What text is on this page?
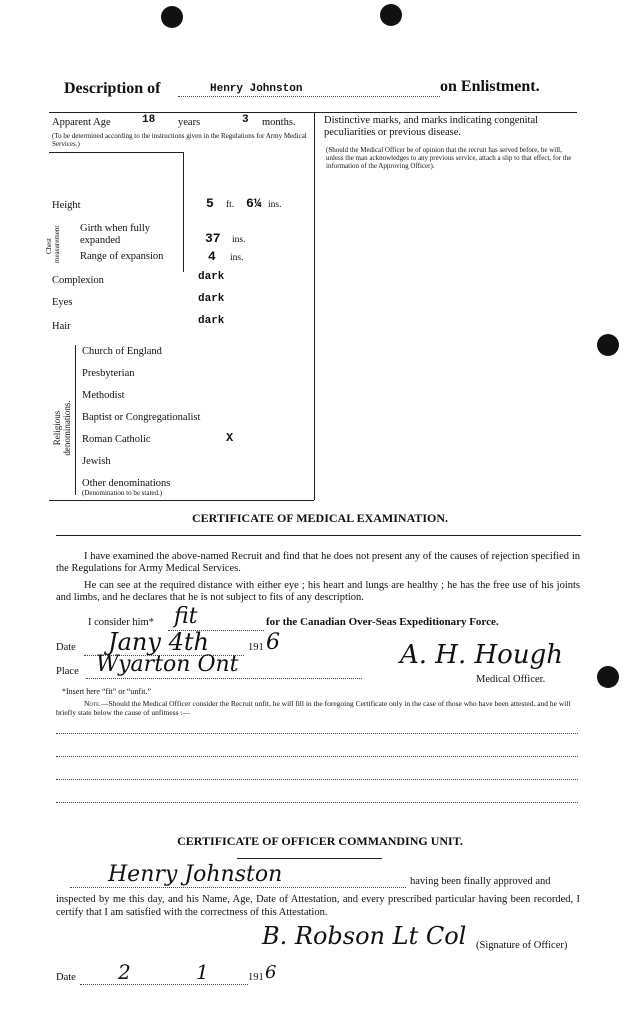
Description of	Henry Johnston	on Enlistment.
Apparent Age	18 years	3 months.
(To be determined according to the instructions given in the Regulations for Army Medical Services.)
Distinctive marks, and marks indicating congenital peculiarities or previous disease.
(Should the Medical Officer be of opinion that the recruit has served before, he will, unless the man acknowledges to any previous service, attach a slip to that effect, for the information of the Approving Officer).
Height	5 ft. 6¼ ins.
Chest measurement Girth when fully expanded	37 ins.
Range of expansion	4 ins.
Complexion	dark
Eyes	dark
Hair	dark
Religious denominations.
Church of England
Presbyterian
Methodist
Baptist or Congregationalist
Roman Catholic	X
Jewish
Other denominations
(Denomination to be stated.)
CERTIFICATE OF MEDICAL EXAMINATION.
I have examined the above-named Recruit and find that he does not present any of the causes of rejection specified in the Regulations for Army Medical Services.
He can see at the required distance with either eye ; his heart and lungs are healthy ; he has the free use of his joints and limbs, and he declares that he is not subject to fits of any description.
I consider him* fit	for the Canadian Over-Seas Expeditionary Force.
Date Jany 4th	191 6
Place Wyarton Ont	A. H. Hough
Medical Officer.
*Insert here “fit” or “unfit.”
Note.—Should the Medical Officer consider the Recruit unfit, he will fill in the foregoing Certificate only in the case of those who have been attested, and he will briefly state below the cause of unfitness :—
CERTIFICATE OF OFFICER COMMANDING UNIT.
Henry Johnston	having been finally approved and
inspected by me this day, and his Name, Age, Date of Attestation, and every prescribed particular having been recorded, I certify that I am satisfied with the correctness of this Attestation.
B. Robson Lt Col (Signature of Officer)
Date 2	1	191 6
